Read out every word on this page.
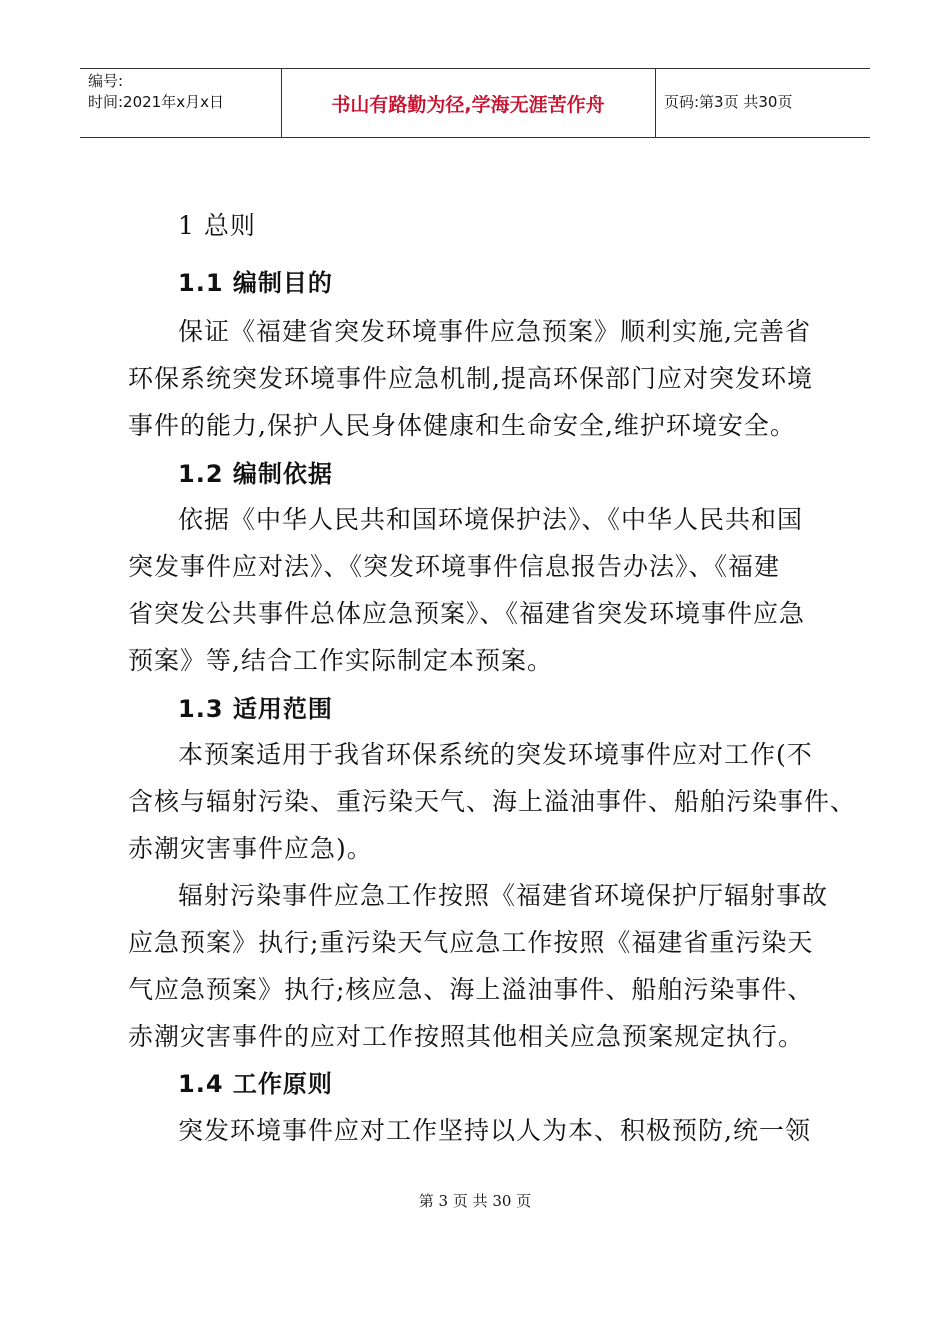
编号:
时间:2021年x月x日	书山有路勤为径,学海无涯苦作舟	页码:第3页 共30页
1 总则
1.1 编制目的
保证《福建省突发环境事件应急预案》顺利实施,完善省
环保系统突发环境事件应急机制,提高环保部门应对突发环境
事件的能力,保护人民身体健康和生命安全,维护环境安全。
1.2 编制依据
依据《中华人民共和国环境保护法》、《中华人民共和国
突发事件应对法》、《突发环境事件信息报告办法》、《福建
省突发公共事件总体应急预案》、《福建省突发环境事件应急
预案》等,结合工作实际制定本预案。
1.3 适用范围
本预案适用于我省环保系统的突发环境事件应对工作(不
含核与辐射污染、重污染天气、海上溢油事件、船舶污染事件、
赤潮灾害事件应急)。
辐射污染事件应急工作按照《福建省环境保护厅辐射事故
应急预案》执行;重污染天气应急工作按照《福建省重污染天
气应急预案》执行;核应急、海上溢油事件、船舶污染事件、
赤潮灾害事件的应对工作按照其他相关应急预案规定执行。
1.4 工作原则
突发环境事件应对工作坚持以人为本、积极预防,统一领
第 3 页 共 30 页
